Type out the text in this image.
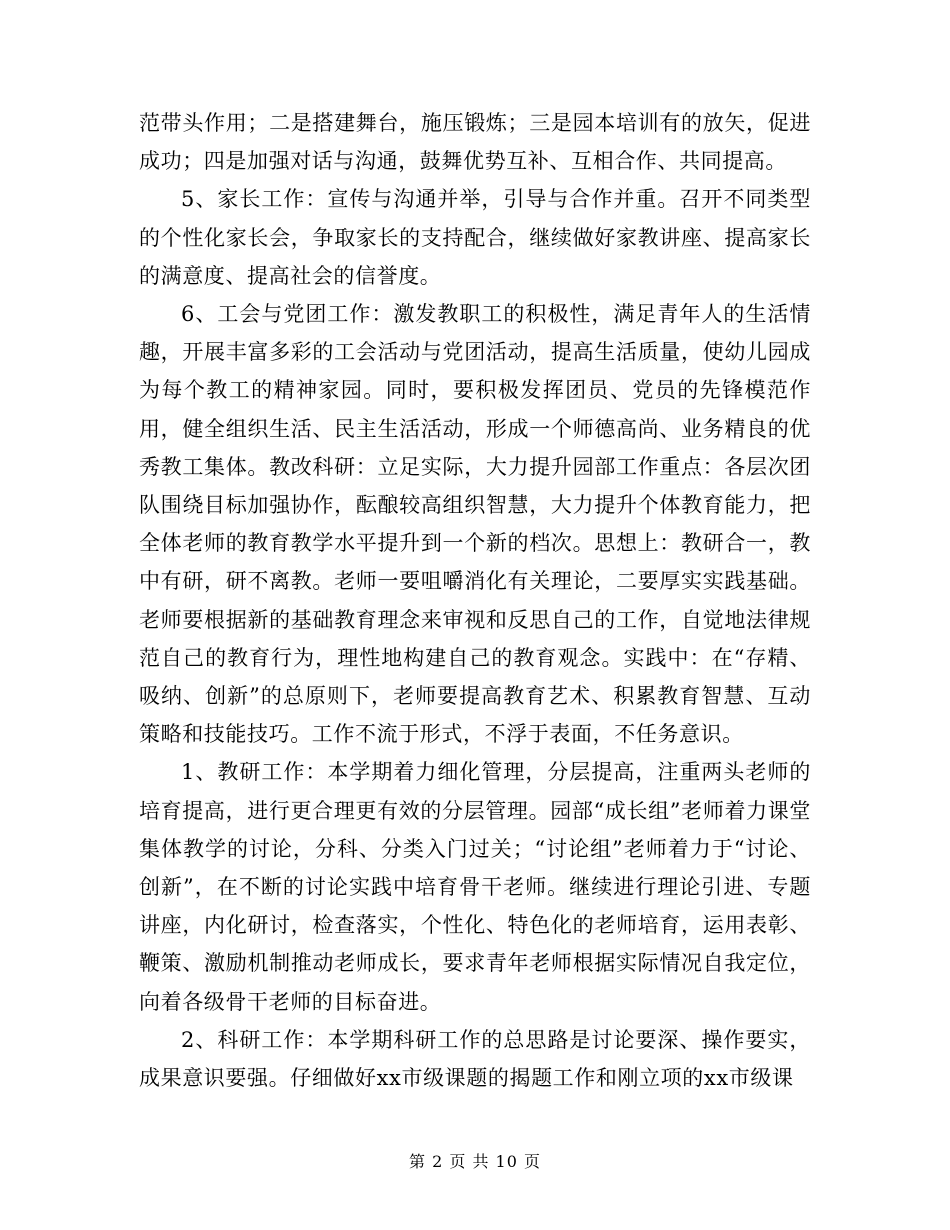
范带头作用；二是搭建舞台，施压锻炼；三是园本培训有的放矢，促进成功；四是加强对话与沟通，鼓舞优势互补、互相合作、共同提高。

5、家长工作：宣传与沟通并举，引导与合作并重。召开不同类型的个性化家长会，争取家长的支持配合，继续做好家教讲座、提高家长的满意度、提高社会的信誉度。

6、工会与党团工作：激发教职工的积极性，满足青年人的生活情趣，开展丰富多彩的工会活动与党团活动，提高生活质量，使幼儿园成为每个教工的精神家园。同时，要积极发挥团员、党员的先锋模范作用，健全组织生活、民主生活活动，形成一个师德高尚、业务精良的优秀教工集体。教改科研：立足实际，大力提升园部工作重点：各层次团队围绕目标加强协作，酝酿较高组织智慧，大力提升个体教育能力，把全体老师的教育教学水平提升到一个新的档次。思想上：教研合一，教中有研，研不离教。老师一要咀嚼消化有关理论，二要厚实实践基础。老师要根据新的基础教育理念来审视和反思自己的工作，自觉地法律规范自己的教育行为，理性地构建自己的教育观念。实践中：在“存精、吸纳、创新”的总原则下，老师要提高教育艺术、积累教育智慧、互动策略和技能技巧。工作不流于形式，不浮于表面，不任务意识。

1、教研工作：本学期着力细化管理，分层提高，注重两头老师的培育提高，进行更合理更有效的分层管理。园部“成长组”老师着力课堂集体教学的讨论，分科、分类入门过关；“讨论组”老师着力于“讨论、创新”，在不断的讨论实践中培育骨干老师。继续进行理论引进、专题讲座，内化研讨，检查落实，个性化、特色化的老师培育，运用表彰、鞭策、激励机制推动老师成长，要求青年老师根据实际情况自我定位，向着各级骨干老师的目标奋进。

2、科研工作：本学期科研工作的总思路是讨论要深、操作要实，成果意识要强。仔细做好xx市级课题的揭题工作和刚立项的xx市级课

第 2 页 共 10 页
